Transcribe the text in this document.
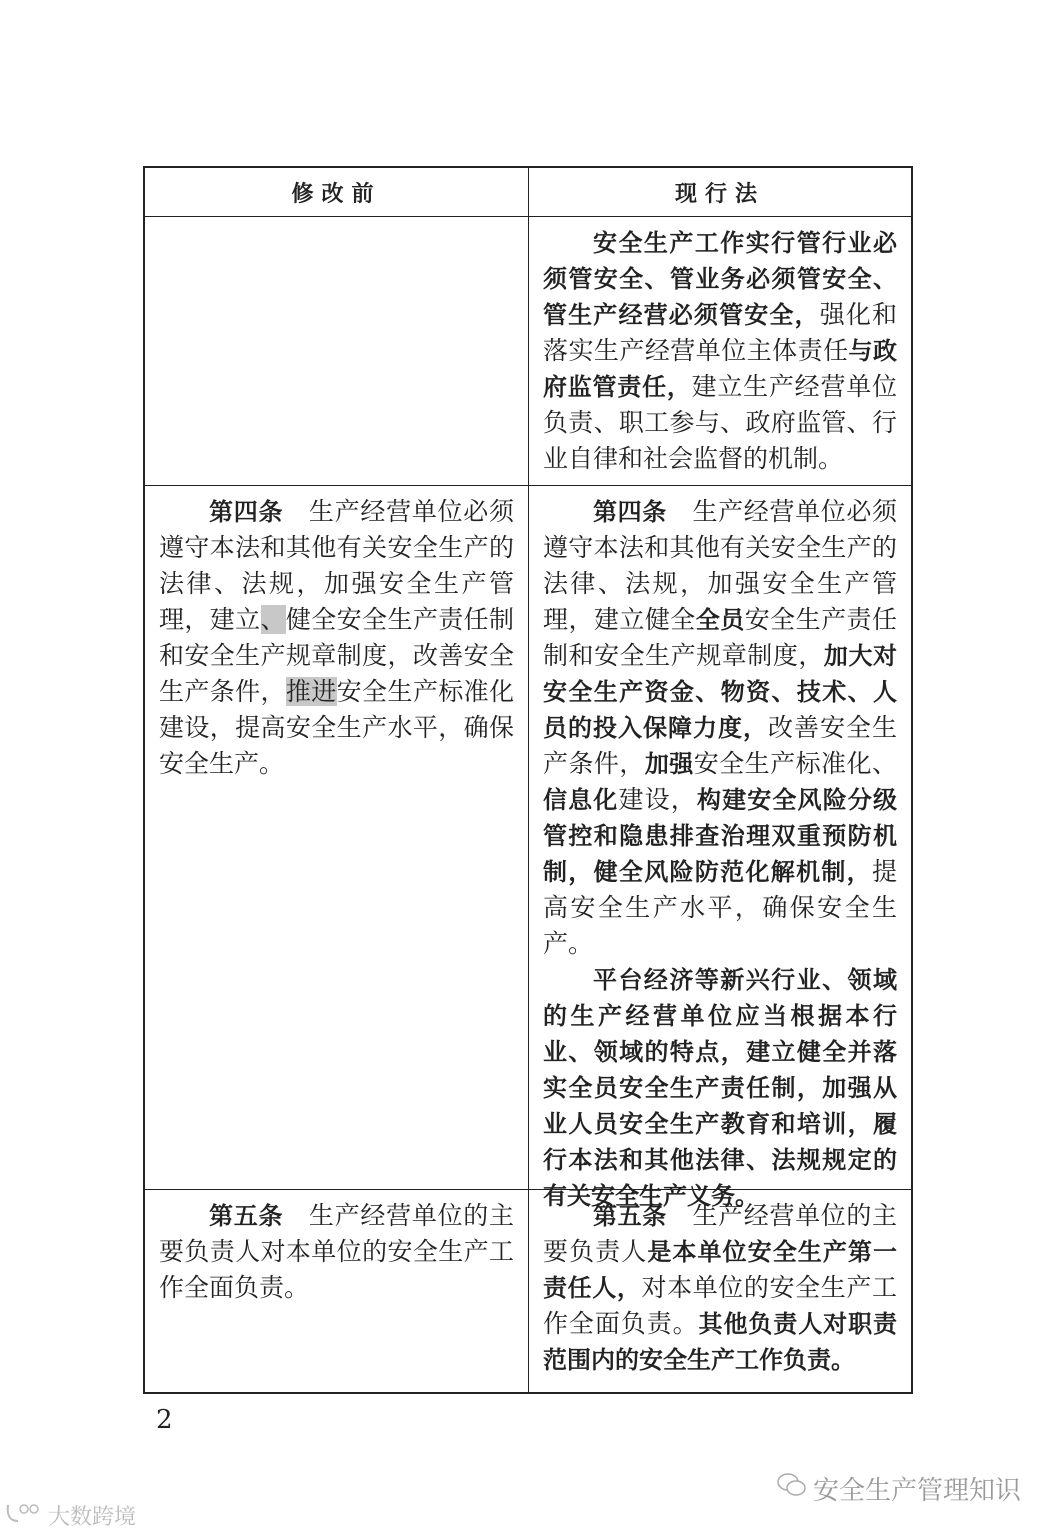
修改前	现行法

安全生产工作实行管行业必须管安全、管业务必须管安全、管生产经营必须管安全，强化和落实生产经营单位主体责任与政府监管责任，建立生产经营单位负责、职工参与、政府监管、行业自律和社会监督的机制。

第四条　生产经营单位必须遵守本法和其他有关安全生产的法律、法规，加强安全生产管理，建立、健全安全生产责任制和安全生产规章制度，改善安全生产条件，推进安全生产标准化建设，提高安全生产水平，确保安全生产。

第四条　生产经营单位必须遵守本法和其他有关安全生产的法律、法规，加强安全生产管理，建立健全全员安全生产责任制和安全生产规章制度，加大对安全生产资金、物资、技术、人员的投入保障力度，改善安全生产条件，加强安全生产标准化、信息化建设，构建安全风险分级管控和隐患排查治理双重预防机制，健全风险防范化解机制，提高安全生产水平，确保安全生产。

平台经济等新兴行业、领域的生产经营单位应当根据本行业、领域的特点，建立健全并落实全员安全生产责任制，加强从业人员安全生产教育和培训，履行本法和其他法律、法规规定的有关安全生产义务。

第五条　生产经营单位的主要负责人对本单位的安全生产工作全面负责。

第五条　生产经营单位的主要负责人是本单位安全生产第一责任人，对本单位的安全生产工作全面负责。其他负责人对职责范围内的安全生产工作负责。

2
安全生产管理知识
大数跨境
